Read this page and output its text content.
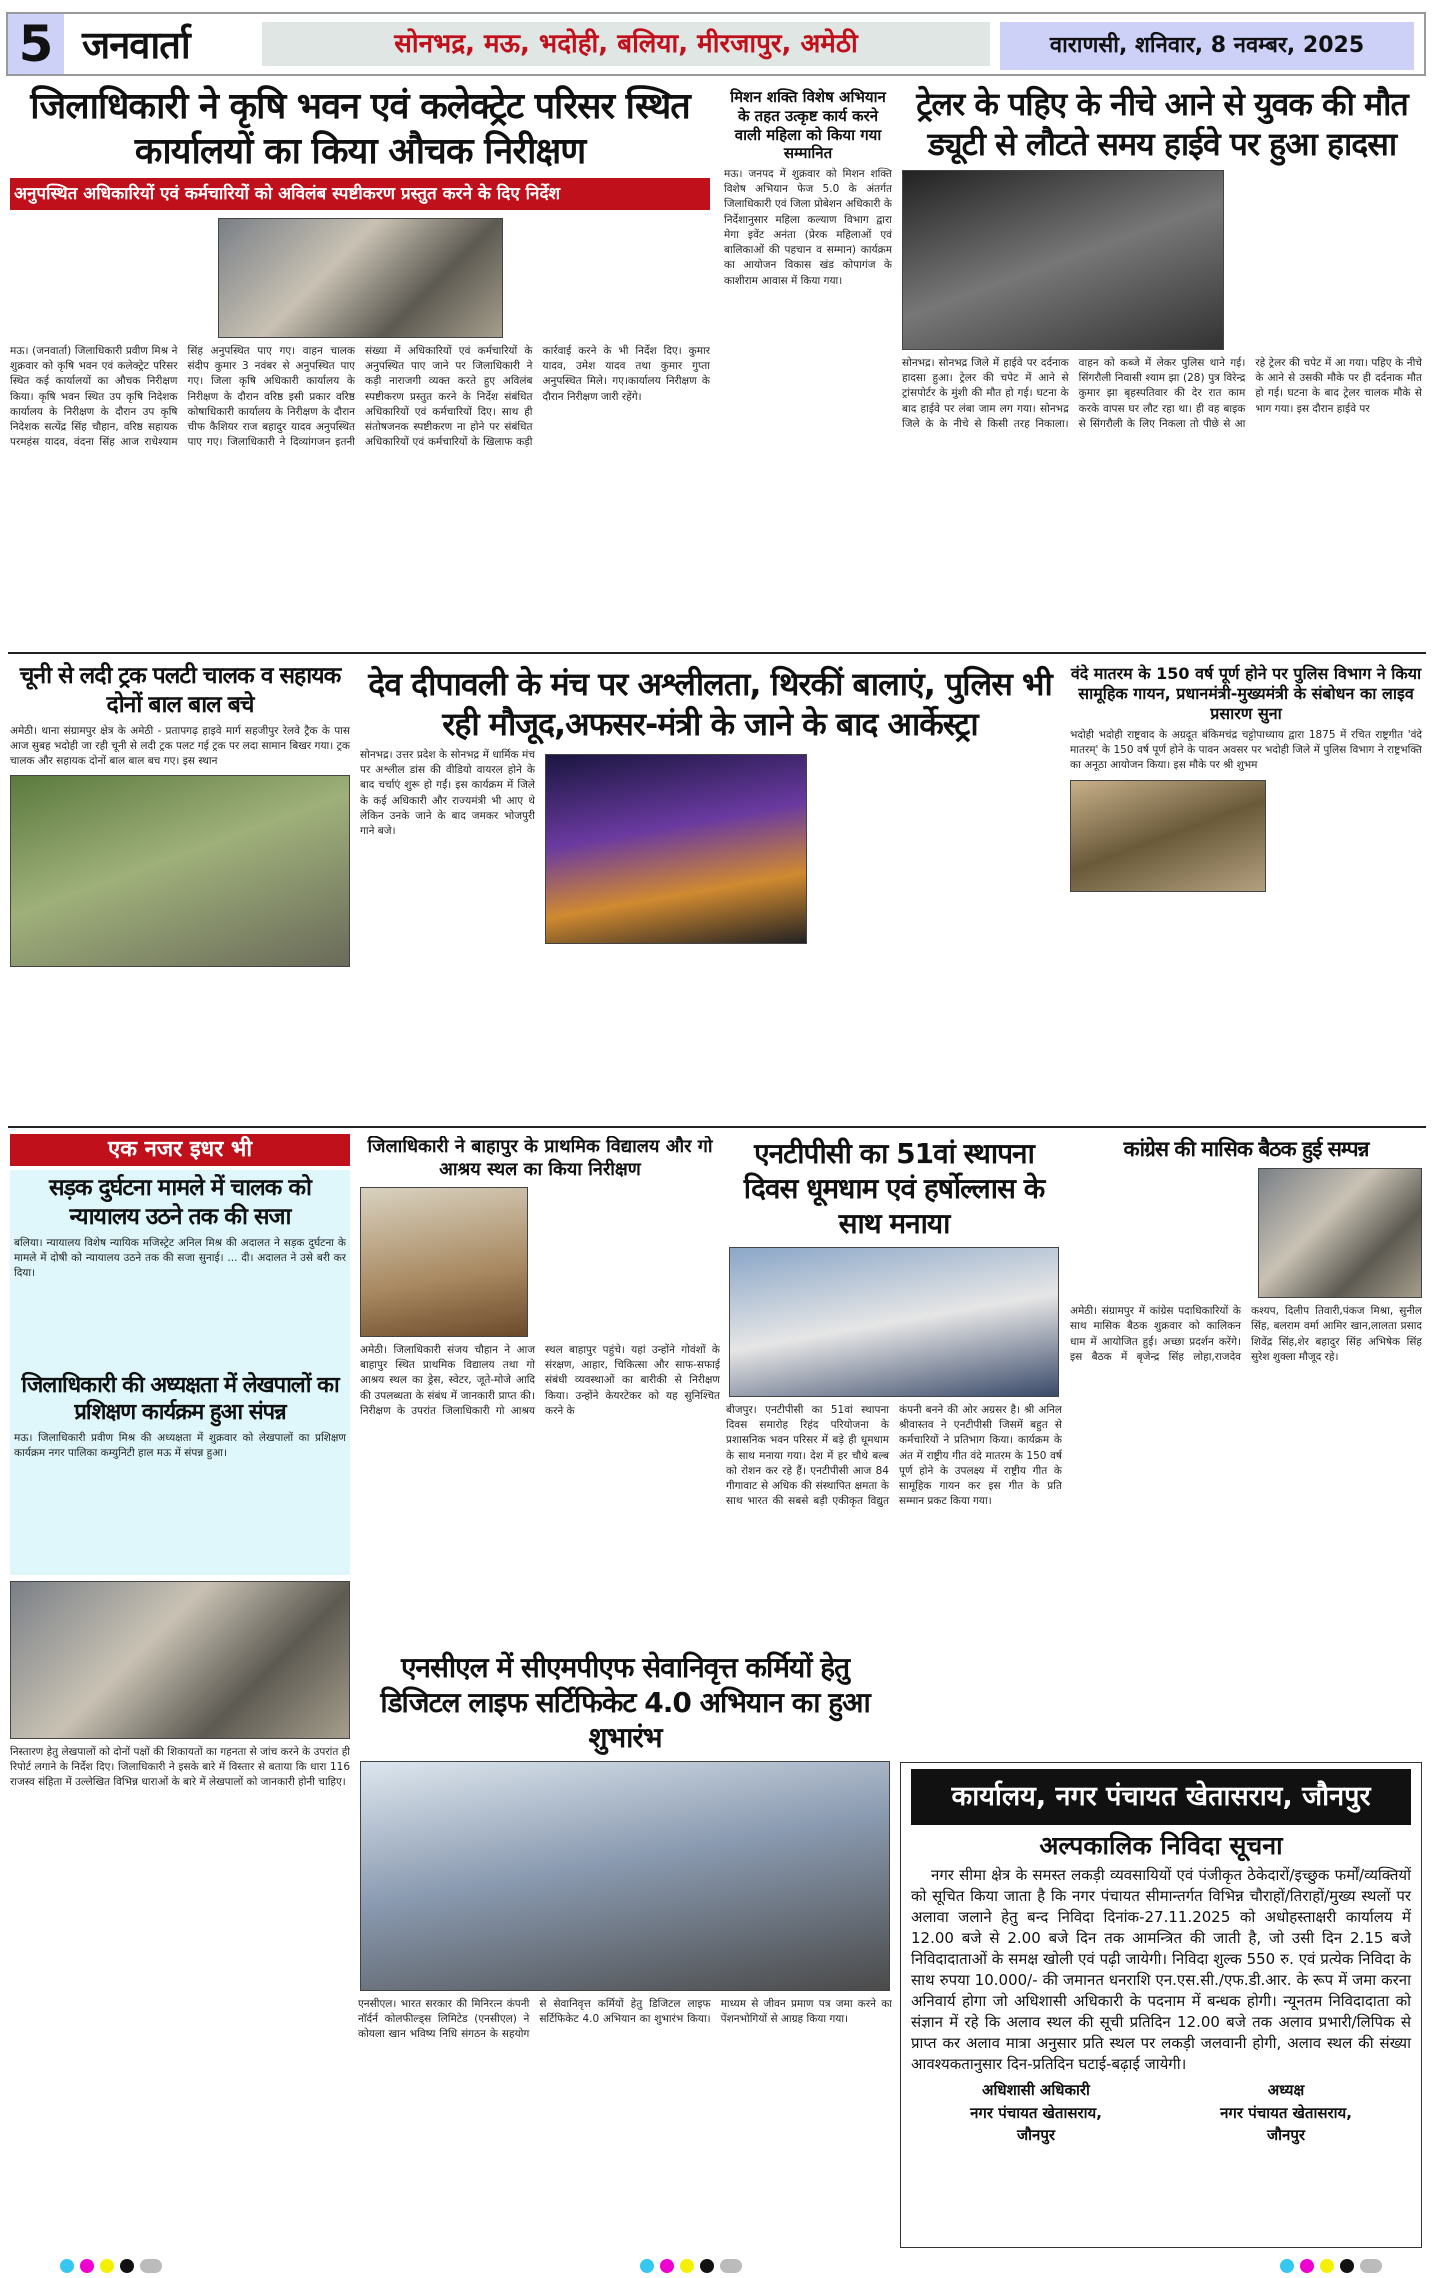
5 जनवार्ता	सोनभद्र, मऊ, भदोही, बलिया, मीरजापुर, अमेठी	वाराणसी, शनिवार, 8 नवम्बर, 2025
जिलाधिकारी ने कृषि भवन एवं कलेक्ट्रेट परिसर स्थित कार्यालयों का किया औचक निरीक्षण
अनुपस्थित अधिकारियों एवं कर्मचारियों को अविलंब स्पष्टीकरण प्रस्तुत करने के दिए निर्देश
मऊ। (जनवार्ता) जिलाधिकारी प्रवीण मिश्र ने शुक्रवार को कृषि भवन एवं कलेक्ट्रेट परिसर स्थित कई कार्यालयों का औचक निरीक्षण किया। कृषि भवन स्थित उप कृषि निदेशक कार्यालय के निरीक्षण के दौरान उप कृषि निदेशक सत्येंद्र सिंह चौहान, वरिष्ठ सहायक परमहंस यादव, वंदना सिंह आज राधेश्याम सिंह अनुपस्थित पाए गए। वाहन चालक संदीप कुमार 3 नवंबर से अनुपस्थित पाए गए। जिला कृषि अधिकारी कार्यालय के निरीक्षण के दौरान वरिष्ठ इसी प्रकार वरिष्ठ कोषाधिकारी कार्यालय के निरीक्षण के दौरान चीफ कैशियर राज बहादुर यादव अनुपस्थित पाए गए। जिलाधिकारी ने दिव्यांगजन इतनी संख्या में अधिकारियों एवं कर्मचारियों के अनुपस्थित पाए जाने पर जिलाधिकारी ने कड़ी नाराजगी व्यक्त करते हुए अविलंब स्पष्टीकरण प्रस्तुत करने के निर्देश संबंधित अधिकारियों एवं कर्मचारियों दिए। साथ ही संतोषजनक स्पष्टीकरण ना होने पर संबंधित अधिकारियों एवं कर्मचारियों के खिलाफ कड़ी कार्रवाई करने के भी निर्देश दिए। कुमार यादव, उमेश यादव तथा कुमार गुप्ता अनुपस्थित मिले। गए।कार्यालय निरीक्षण के दौरान निरीक्षण जारी रहेंगे।
मिशन शक्ति विशेष अभियान के तहत उत्कृष्ट कार्य करने वाली महिला को किया गया सम्मानित
मऊ। जनपद में शुक्रवार को मिशन शक्ति विशेष अभियान फेज 5.0 के अंतर्गत जिलाधिकारी एवं जिला प्रोबेशन अधिकारी के निर्देशानुसार महिला कल्याण विभाग द्वारा मेगा इवेंट अनंता (प्रेरक महिलाओं एवं बालिकाओं की पहचान व सम्मान) कार्यक्रम का आयोजन विकास खंड कोपागंज के काशीराम आवास में किया गया।
ट्रेलर के पहिए के नीचे आने से युवक की मौत ड्यूटी से लौटते समय हाईवे पर हुआ हादसा
सोनभद्र। सोनभद्र जिले में हाईवे पर दर्दनाक हादसा हुआ। ट्रेलर की चपेट में आने से ट्रांसपोर्टर के मुंशी की मौत हो गई। घटना के बाद हाईवे पर लंबा जाम लग गया। सोनभद्र जिले के के नीचे से किसी तरह निकाला। वाहन को कब्जे में लेकर पुलिस थाने गई। सिंगरौली निवासी श्याम झा (28) पुत्र विरेन्द्र कुमार झा बृहस्पतिवार की देर रात काम करके वापस घर लौट रहा था। ही वह बाइक से सिंगरौली के लिए निकला तो पीछे से आ रहे ट्रेलर की चपेट में आ गया। पहिए के नीचे के आने से उसकी मौके पर ही दर्दनाक मौत हो गई। घटना के बाद ट्रेलर चालक मौके से भाग गया। इस दौरान हाईवे पर
चूनी से लदी ट्रक पलटी चालक व सहायक दोनों बाल बाल बचे
अमेठी। थाना संग्रामपुर क्षेत्र के अमेठी - प्रतापगढ़ हाइवे मार्ग सहजीपुर रेलवे ट्रैक के पास आज सुबह भदोही जा रही चूनी से लदी ट्रक पलट गई ट्रक पर लदा सामान बिखर गया। ट्रक चालक और सहायक दोनों बाल बाल बच गए। इस स्थान
देव दीपावली के मंच पर अश्लीलता, थिरकीं बालाएं, पुलिस भी रही मौजूद,अफसर-मंत्री के जाने के बाद आर्केस्ट्रा
सोनभद्र। उत्तर प्रदेश के सोनभद्र में धार्मिक मंच पर अश्लील डांस की वीडियो वायरल होने के बाद चर्चाएं शुरू हो गईं। इस कार्यक्रम में जिले के कई अधिकारी और राज्यमंत्री भी आए थे लेकिन उनके जाने के बाद जमकर भोजपुरी गाने बजे।
वंदे मातरम के 150 वर्ष पूर्ण होने पर पुलिस विभाग ने किया सामूहिक गायन, प्रधानमंत्री-मुख्यमंत्री के संबोधन का लाइव प्रसारण सुना
भदोही भदोही राष्ट्रवाद के अग्रदूत बंकिमचंद्र चट्टोपाध्याय द्वारा 1875 में रचित राष्ट्रगीत 'वंदे मातरम्' के 150 वर्ष पूर्ण होने के पावन अवसर पर भदोही जिले में पुलिस विभाग ने राष्ट्रभक्ति का अनूठा आयोजन किया। इस मौके पर श्री शुभम
एक नजर इधर भी
सड़क दुर्घटना मामले में चालक को न्यायालय उठने तक की सजा
बलिया। न्यायालय विशेष न्यायिक मजिस्ट्रेट अनिल मिश्र की अदालत ने सड़क दुर्घटना के मामले में दोषी को न्यायालय उठने तक की सजा सुनाई। ... दी। अदालत ने उसे बरी कर दिया।
जिलाधिकारी की अध्यक्षता में लेखपालों का प्रशिक्षण कार्यक्रम हुआ संपन्न
मऊ। जिलाधिकारी प्रवीण मिश्र की अध्यक्षता में शुक्रवार को लेखपालों का प्रशिक्षण कार्यक्रम नगर पालिका कम्युनिटी हाल मऊ में संपन्न हुआ।
निस्तारण हेतु लेखपालों को दोनों पक्षों की शिकायतों का गहनता से जांच करने के उपरांत ही रिपोर्ट लगाने के निर्देश दिए। जिलाधिकारी ने इसके बारे में विस्तार से बताया कि धारा 116 राजस्व संहिता में उल्लेखित विभिन्न धाराओं के बारे में लेखपालों को जानकारी होनी चाहिए।
जिलाधिकारी ने बाहापुर के प्राथमिक विद्यालय और गो आश्रय स्थल का किया निरीक्षण
अमेठी। जिलाधिकारी संजय चौहान ने आज बाहापुर स्थित प्राथमिक विद्यालय तथा गो आश्रय स्थल का ड्रेस, स्वेटर, जूते-मोजे आदि की उपलब्धता के संबंध में जानकारी प्राप्त की। निरीक्षण के उपरांत जिलाधिकारी गो आश्रय स्थल बाहापुर पहुंचे। यहां उन्होंने गोवंशों के संरक्षण, आहार, चिकित्सा और साफ-सफाई संबंधी व्यवस्थाओं का बारीकी से निरीक्षण किया। उन्होंने केयरटेकर को यह सुनिश्चित करने के
एनटीपीसी का 51वां स्थापना दिवस धूमधाम एवं हर्षोल्लास के साथ मनाया
बीजपुर। एनटीपीसी का 51वां स्थापना दिवस समारोह रिहंद परियोजना के प्रशासनिक भवन परिसर में बड़े ही धूमधाम के साथ मनाया गया। देश में हर चौथे बल्ब को रोशन कर रहे हैं। एनटीपीसी आज 84 गीगावाट से अधिक की संस्थापित क्षमता के साथ भारत की सबसे बड़ी एकीकृत विद्युत कंपनी बनने की ओर अग्रसर है। श्री अनिल श्रीवास्तव ने एनटीपीसी जिसमें बहुत से कर्मचारियों ने प्रतिभाग किया। कार्यक्रम के अंत में राष्ट्रीय गीत वंदे मातरम के 150 वर्ष पूर्ण होने के उपलक्ष्य में राष्ट्रीय गीत के सामूहिक गायन कर इस गीत के प्रति सम्मान प्रकट किया गया।
कांग्रेस की मासिक बैठक हुई सम्पन्न
अमेठी। संग्रामपुर में कांग्रेस पदाधिकारियों के साथ मासिक बैठक शुक्रवार को कालिकन धाम में आयोजित हुई। अच्छा प्रदर्शन करेंगे।इस बैठक में बृजेन्द्र सिंह लोहा,राजदेव कश्यप, दिलीप तिवारी,पंकज मिश्रा, सुनील सिंह, बलराम वर्मा आमिर खान,लालता प्रसाद शिवेंद्र सिंह,शेर बहादुर सिंह अभिषेक सिंह सुरेश शुक्ला मौजूद रहे।
एनसीएल में सीएमपीएफ सेवानिवृत्त कर्मियों हेतु डिजिटल लाइफ सर्टिफिकेट 4.0 अभियान का हुआ शुभारंभ
एनसीएल। भारत सरकार की मिनिरत्न कंपनी नॉर्दर्न कोलफील्ड्स लिमिटेड (एनसीएल) ने कोयला खान भविष्य निधि संगठन के सहयोग से सेवानिवृत्त कर्मियों हेतु डिजिटल लाइफ सर्टिफिकेट 4.0 अभियान का शुभारंभ किया। माध्यम से जीवन प्रमाण पत्र जमा करने का पेंशनभोगियों से आग्रह किया गया।
कार्यालय, नगर पंचायत खेतासराय, जौनपुर
अल्पकालिक निविदा सूचना
नगर सीमा क्षेत्र के समस्त लकड़ी व्यवसायियों एवं पंजीकृत ठेकेदारों/इच्छुक फर्मों/व्यक्तियों को सूचित किया जाता है कि नगर पंचायत सीमान्तर्गत विभिन्न चौराहों/तिराहों/मुख्य स्थलों पर अलावा जलाने हेतु बन्द निविदा दिनांक-27.11.2025 को अधोहस्ताक्षरी कार्यालय में 12.00 बजे से 2.00 बजे दिन तक आमन्त्रित की जाती है, जो उसी दिन 2.15 बजे निविदादाताओं के समक्ष खोली एवं पढ़ी जायेगी। निविदा शुल्क 550 रु. एवं प्रत्येक निविदा के साथ रुपया 10.000/- की जमानत धनराशि एन.एस.सी./एफ.डी.आर. के रूप में जमा करना अनिवार्य होगा जो अधिशासी अधिकारी के पदनाम में बन्धक होगी। न्यूनतम निविदादाता को संज्ञान में रहे कि अलाव स्थल की सूची प्रतिदिन 12.00 बजे तक अलाव प्रभारी/लिपिक से प्राप्त कर अलाव मात्रा अनुसार प्रति स्थल पर लकड़ी जलवानी होगी, अलाव स्थल की संख्या आवश्यकतानुसार दिन-प्रतिदिन घटाई-बढ़ाई जायेगी।
अधिशासी अधिकारी
नगर पंचायत खेतासराय,
जौनपुर
अध्यक्ष
नगर पंचायत खेतासराय,
जौनपुर
